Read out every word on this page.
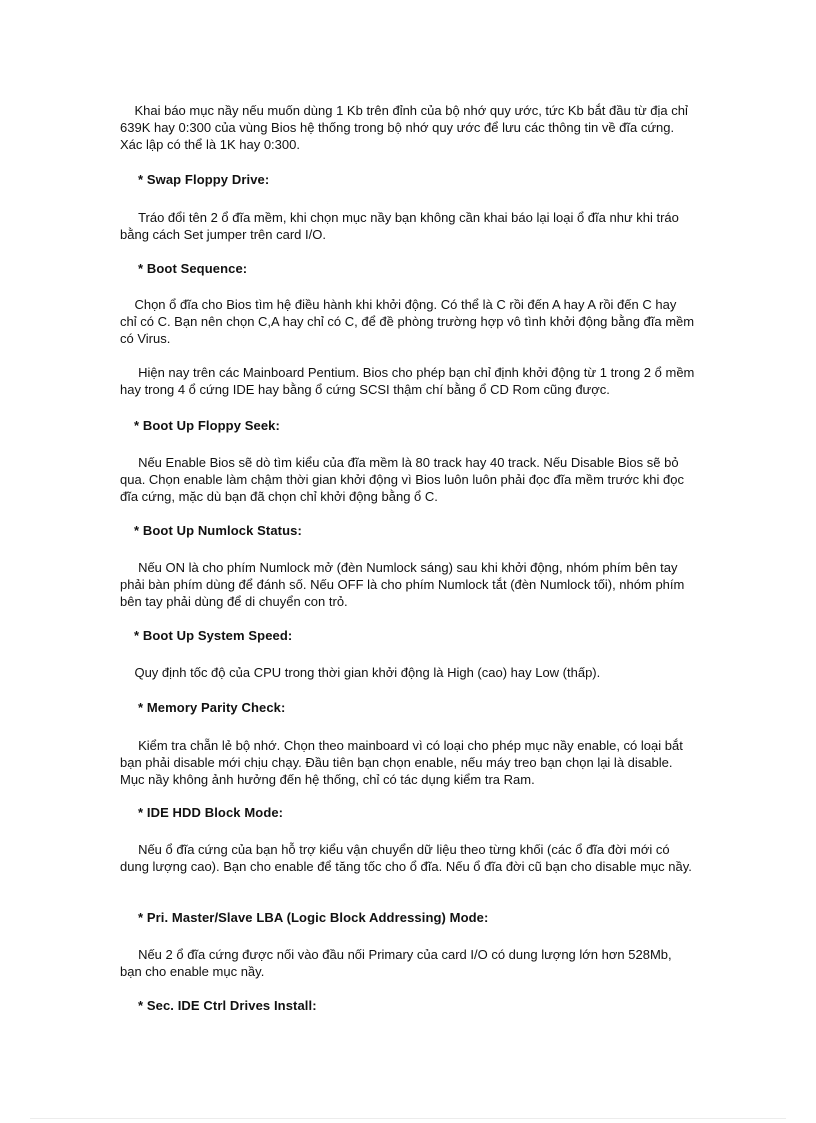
Khai báo mục nầy nếu muốn dùng 1 Kb trên đỉnh của bộ nhớ quy ước, tức Kb bắt đầu từ địa chỉ 639K hay 0:300 của vùng Bios hệ thống trong bộ nhớ quy ước để lưu các thông tin về đĩa cứng. Xác lập có thể là 1K hay 0:300.
* Swap Floppy Drive:
Tráo đổi tên 2 ổ đĩa mềm, khi chọn mục nầy bạn không cần khai báo lại loại ổ đĩa như khi tráo bằng cách Set jumper trên card I/O.
* Boot Sequence:
Chọn ổ đĩa cho Bios tìm hệ điều hành khi khởi động. Có thể là C rồi đến A hay A rồi đến C hay chỉ có C. Bạn nên chọn C,A hay chỉ có C, để đề phòng trường hợp vô tình khởi động bằng đĩa mềm có Virus.
Hiện nay trên các Mainboard Pentium. Bios cho phép bạn chỉ định khởi động từ 1 trong 2 ổ mềm hay trong 4 ổ cứng IDE hay bằng ổ cứng SCSI thậm chí bằng ổ CD Rom cũng được.
* Boot Up Floppy Seek:
Nếu Enable Bios sẽ dò tìm kiểu của đĩa mềm là 80 track hay 40 track. Nếu Disable Bios sẽ bỏ qua. Chọn enable làm chậm thời gian khởi động vì Bios luôn luôn phải đọc đĩa mềm trước khi đọc đĩa cứng, mặc dù bạn đã chọn chỉ khởi động bằng ổ C.
* Boot Up Numlock Status:
Nếu ON là cho phím Numlock mở (đèn Numlock sáng) sau khi khởi động, nhóm phím bên tay phải bàn phím dùng để đánh số. Nếu OFF là cho phím Numlock tắt (đèn Numlock tối), nhóm phím bên tay phải dùng để di chuyển con trỏ.
* Boot Up System Speed:
Quy định tốc độ của CPU trong thời gian khởi động là High (cao) hay Low (thấp).
* Memory Parity Check:
Kiểm tra chẵn lẻ bộ nhớ. Chọn theo mainboard vì có loại cho phép mục nầy enable, có loại bắt bạn phải disable mới chịu chạy. Đầu tiên bạn chọn enable, nếu máy treo bạn chọn lại là disable. Mục nầy không ảnh hưởng đến hệ thống, chỉ có tác dụng kiểm tra Ram.
* IDE HDD Block Mode:
Nếu ổ đĩa cứng của bạn hỗ trợ kiểu vận chuyển dữ liệu theo từng khối (các ổ đĩa đời mới có dung lượng cao). Bạn cho enable để tăng tốc cho ổ đĩa. Nếu ổ đĩa đời cũ bạn cho disable mục nầy.
* Pri. Master/Slave LBA (Logic Block Addressing) Mode:
Nếu 2 ổ đĩa cứng được nối vào đầu nối Primary của card I/O có dung lượng lớn hơn 528Mb, bạn cho enable mục nầy.
* Sec. IDE Ctrl Drives Install:
